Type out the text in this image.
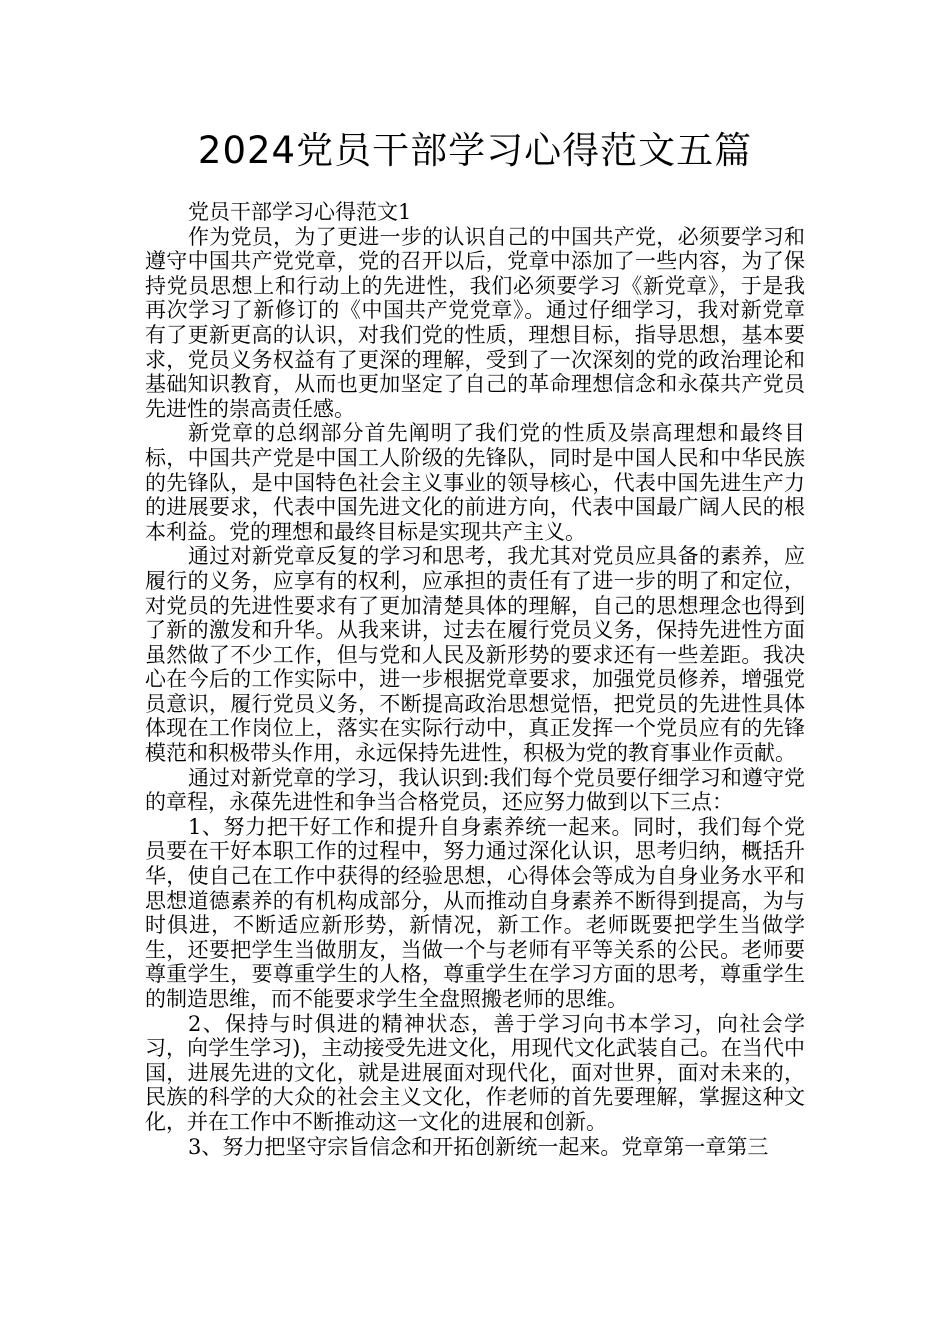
2024党员干部学习心得范文五篇

党员干部学习心得范文1

作为党员，为了更进一步的认识自己的中国共产党，必须要学习和遵守中国共产党党章，党的召开以后，党章中添加了一些内容，为了保持党员思想上和行动上的先进性，我们必须要学习《新党章》，于是我再次学习了新修订的《中国共产党党章》。通过仔细学习，我对新党章有了更新更高的认识，对我们党的性质，理想目标，指导思想，基本要求，党员义务权益有了更深的理解，受到了一次深刻的党的政治理论和基础知识教育，从而也更加坚定了自己的革命理想信念和永葆共产党员先进性的崇高责任感。

新党章的总纲部分首先阐明了我们党的性质及崇高理想和最终目标，中国共产党是中国工人阶级的先锋队，同时是中国人民和中华民族的先锋队，是中国特色社会主义事业的领导核心，代表中国先进生产力的进展要求，代表中国先进文化的前进方向，代表中国最广阔人民的根本利益。党的理想和最终目标是实现共产主义。

通过对新党章反复的学习和思考，我尤其对党员应具备的素养，应履行的义务，应享有的权利，应承担的责任有了进一步的明了和定位，对党员的先进性要求有了更加清楚具体的理解，自己的思想理念也得到了新的激发和升华。从我来讲，过去在履行党员义务，保持先进性方面虽然做了不少工作，但与党和人民及新形势的要求还有一些差距。我决心在今后的工作实际中，进一步根据党章要求，加强党员修养，增强党员意识，履行党员义务，不断提高政治思想觉悟，把党员的先进性具体体现在工作岗位上，落实在实际行动中，真正发挥一个党员应有的先锋模范和积极带头作用，永远保持先进性，积极为党的教育事业作贡献。

通过对新党章的学习，我认识到:我们每个党员要仔细学习和遵守党的章程，永葆先进性和争当合格党员，还应努力做到以下三点：

1、努力把干好工作和提升自身素养统一起来。同时，我们每个党员要在干好本职工作的过程中，努力通过深化认识，思考归纳，概括升华，使自己在工作中获得的经验思想，心得体会等成为自身业务水平和思想道德素养的有机构成部分，从而推动自身素养不断得到提高，为与时俱进，不断适应新形势，新情况，新工作。老师既要把学生当做学生，还要把学生当做朋友，当做一个与老师有平等关系的公民。老师要尊重学生，要尊重学生的人格，尊重学生在学习方面的思考，尊重学生的制造思维，而不能要求学生全盘照搬老师的思维。

2、保持与时俱进的精神状态，善于学习向书本学习，向社会学习，向学生学习)，主动接受先进文化，用现代文化武装自己。在当代中国，进展先进的文化，就是进展面对现代化，面对世界，面对未来的，民族的科学的大众的社会主义文化，作老师的首先要理解，掌握这种文化，并在工作中不断推动这一文化的进展和创新。

3、努力把坚守宗旨信念和开拓创新统一起来。党章第一章第三
